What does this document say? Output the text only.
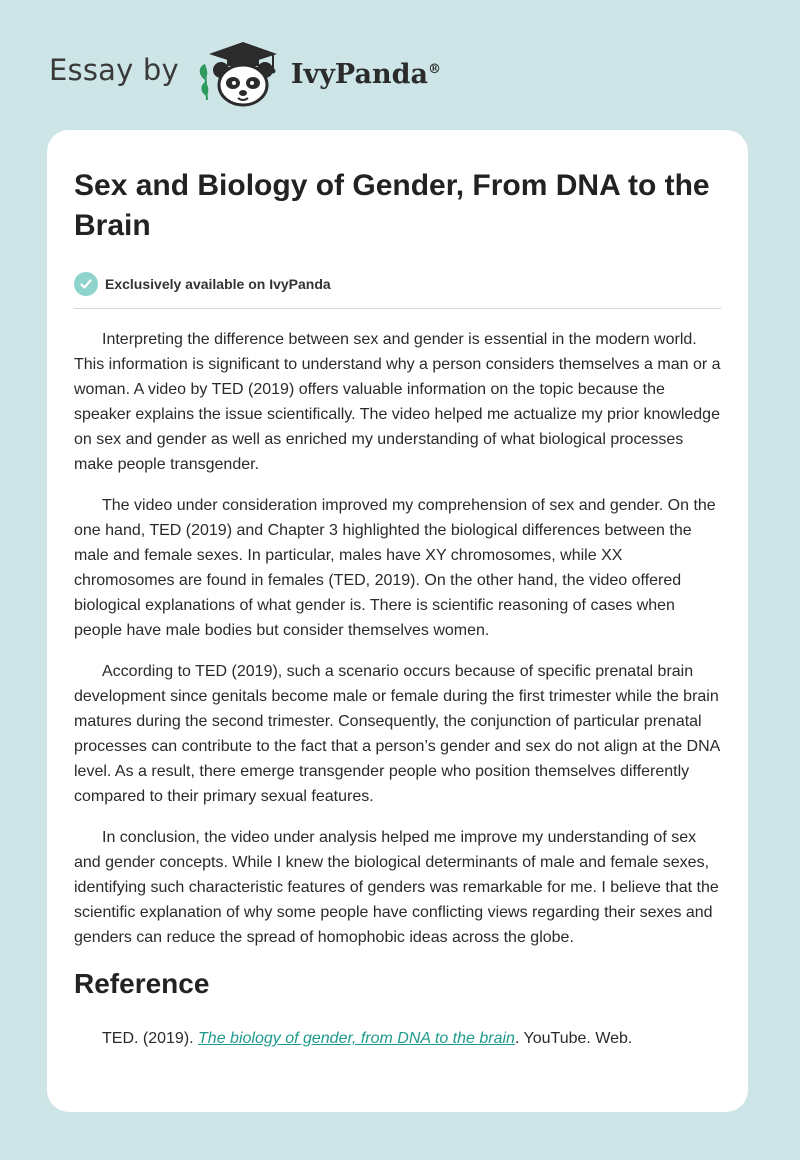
Essay by	IvyPanda®
Sex and Biology of Gender, From DNA to the Brain
Exclusively available on IvyPanda

Interpreting the difference between sex and gender is essential in the modern world. This information is significant to understand why a person considers themselves a man or a woman. A video by TED (2019) offers valuable information on the topic because the speaker explains the issue scientifically. The video helped me actualize my prior knowledge on sex and gender as well as enriched my understanding of what biological processes make people transgender.

The video under consideration improved my comprehension of sex and gender. On the one hand, TED (2019) and Chapter 3 highlighted the biological differences between the male and female sexes. In particular, males have XY chromosomes, while XX chromosomes are found in females (TED, 2019). On the other hand, the video offered biological explanations of what gender is. There is scientific reasoning of cases when people have male bodies but consider themselves women.

According to TED (2019), such a scenario occurs because of specific prenatal brain development since genitals become male or female during the first trimester while the brain matures during the second trimester. Consequently, the conjunction of particular prenatal processes can contribute to the fact that a person’s gender and sex do not align at the DNA level. As a result, there emerge transgender people who position themselves differently compared to their primary sexual features.

In conclusion, the video under analysis helped me improve my understanding of sex and gender concepts. While I knew the biological determinants of male and female sexes, identifying such characteristic features of genders was remarkable for me. I believe that the scientific explanation of why some people have conflicting views regarding their sexes and genders can reduce the spread of homophobic ideas across the globe.

Reference

TED. (2019). The biology of gender, from DNA to the brain. YouTube. Web.
